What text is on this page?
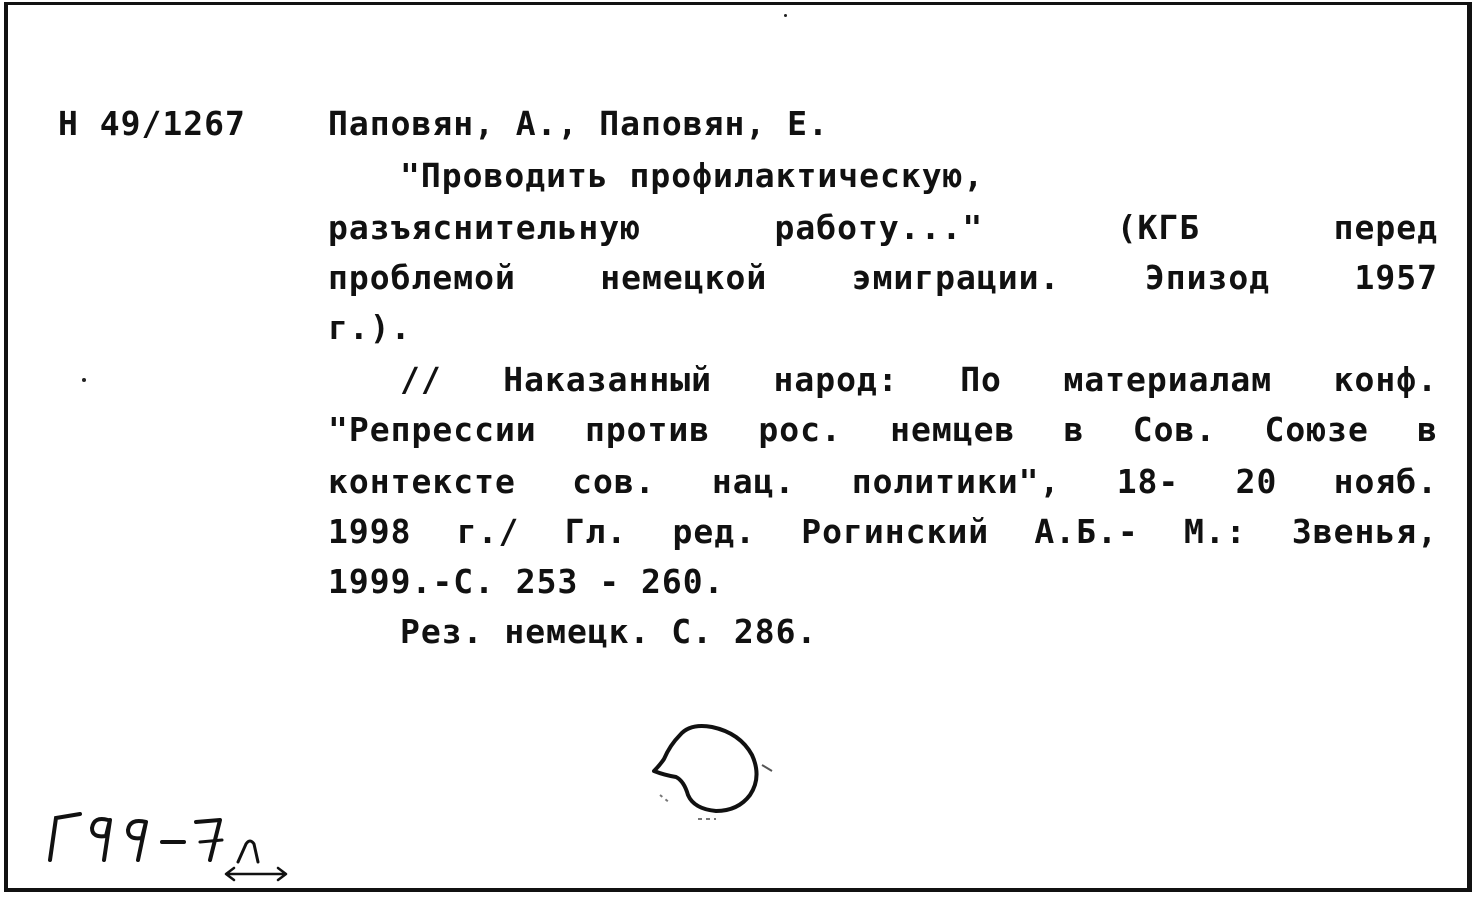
Н 49/1267 Паповян, А., Паповян, Е.
"Проводить профилактическую,
разъяснительную работу..." (КГБ перед
проблемой немецкой эмиграции. Эпизод 1957
г.).
// Наказанный народ: По материалам конф.
"Репрессии против рос. немцев в Сов. Союзе в
контексте сов. нац. политики", 18- 20 нояб.
1998 г./ Гл. ред. Рогинский А.Б.- М.: Звенья,
1999.-С. 253 - 260.
Рез. немецк. С. 286.
